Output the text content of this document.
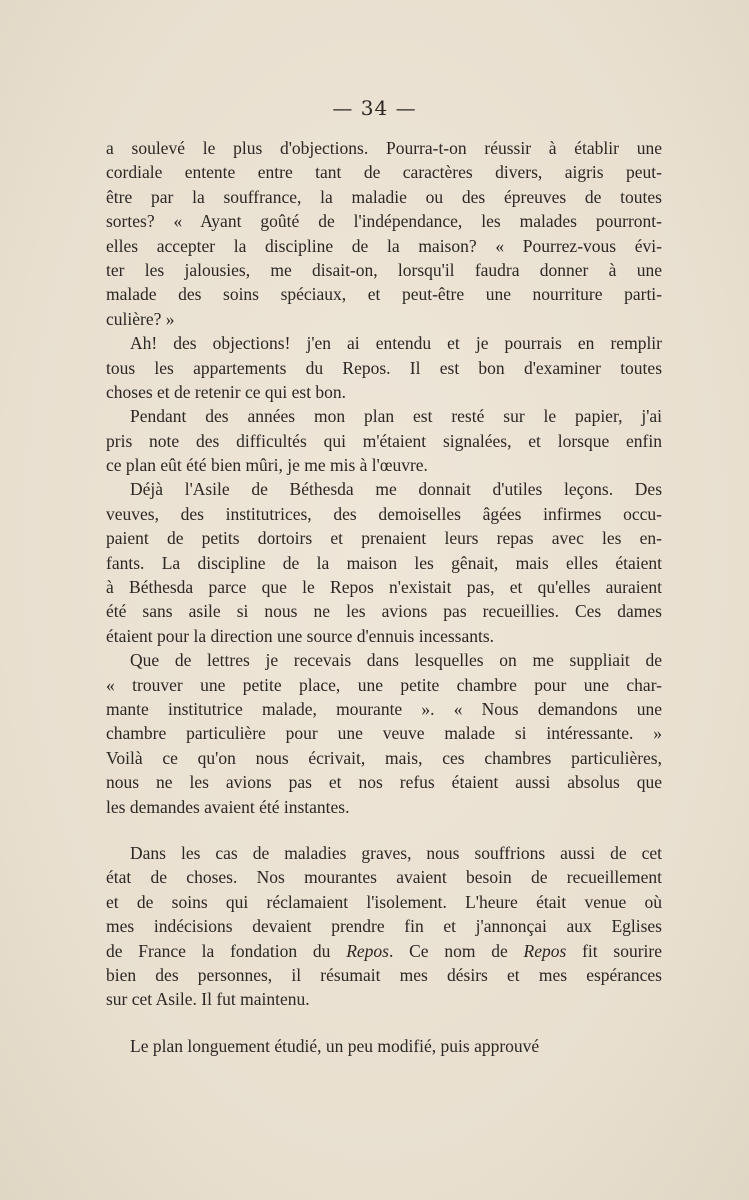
— 34 —
a soulevé le plus d'objections. Pourra-t-on réussir à établir une
cordiale entente entre tant de caractères divers, aigris peut-
être par la souffrance, la maladie ou des épreuves de toutes
sortes? « Ayant goûté de l'indépendance, les malades pourront-
elles accepter la discipline de la maison? « Pourrez-vous évi-
ter les jalousies, me disait-on, lorsqu'il faudra donner à une
malade des soins spéciaux, et peut-être une nourriture parti-
culière? »
Ah! des objections! j'en ai entendu et je pourrais en remplir
tous les appartements du Repos. Il est bon d'examiner toutes
choses et de retenir ce qui est bon.
Pendant des années mon plan est resté sur le papier, j'ai
pris note des difficultés qui m'étaient signalées, et lorsque enfin
ce plan eût été bien mûri, je me mis à l'œuvre.
Déjà l'Asile de Béthesda me donnait d'utiles leçons. Des
veuves, des institutrices, des demoiselles âgées infirmes occu-
paient de petits dortoirs et prenaient leurs repas avec les en-
fants. La discipline de la maison les gênait, mais elles étaient
à Béthesda parce que le Repos n'existait pas, et qu'elles auraient
été sans asile si nous ne les avions pas recueillies. Ces dames
étaient pour la direction une source d'ennuis incessants.
Que de lettres je recevais dans lesquelles on me suppliait de
« trouver une petite place, une petite chambre pour une char-
mante institutrice malade, mourante ». « Nous demandons une
chambre particulière pour une veuve malade si intéressante. »
Voilà ce qu'on nous écrivait, mais, ces chambres particulières,
nous ne les avions pas et nos refus étaient aussi absolus que
les demandes avaient été instantes.
Dans les cas de maladies graves, nous souffrions aussi de cet
état de choses. Nos mourantes avaient besoin de recueillement
et de soins qui réclamaient l'isolement. L'heure était venue où
mes indécisions devaient prendre fin et j'annonçai aux Eglises
de France la fondation du Repos. Ce nom de Repos fit sourire
bien des personnes, il résumait mes désirs et mes espérances
sur cet Asile. Il fut maintenu.
Le plan longuement étudié, un peu modifié, puis approuvé
